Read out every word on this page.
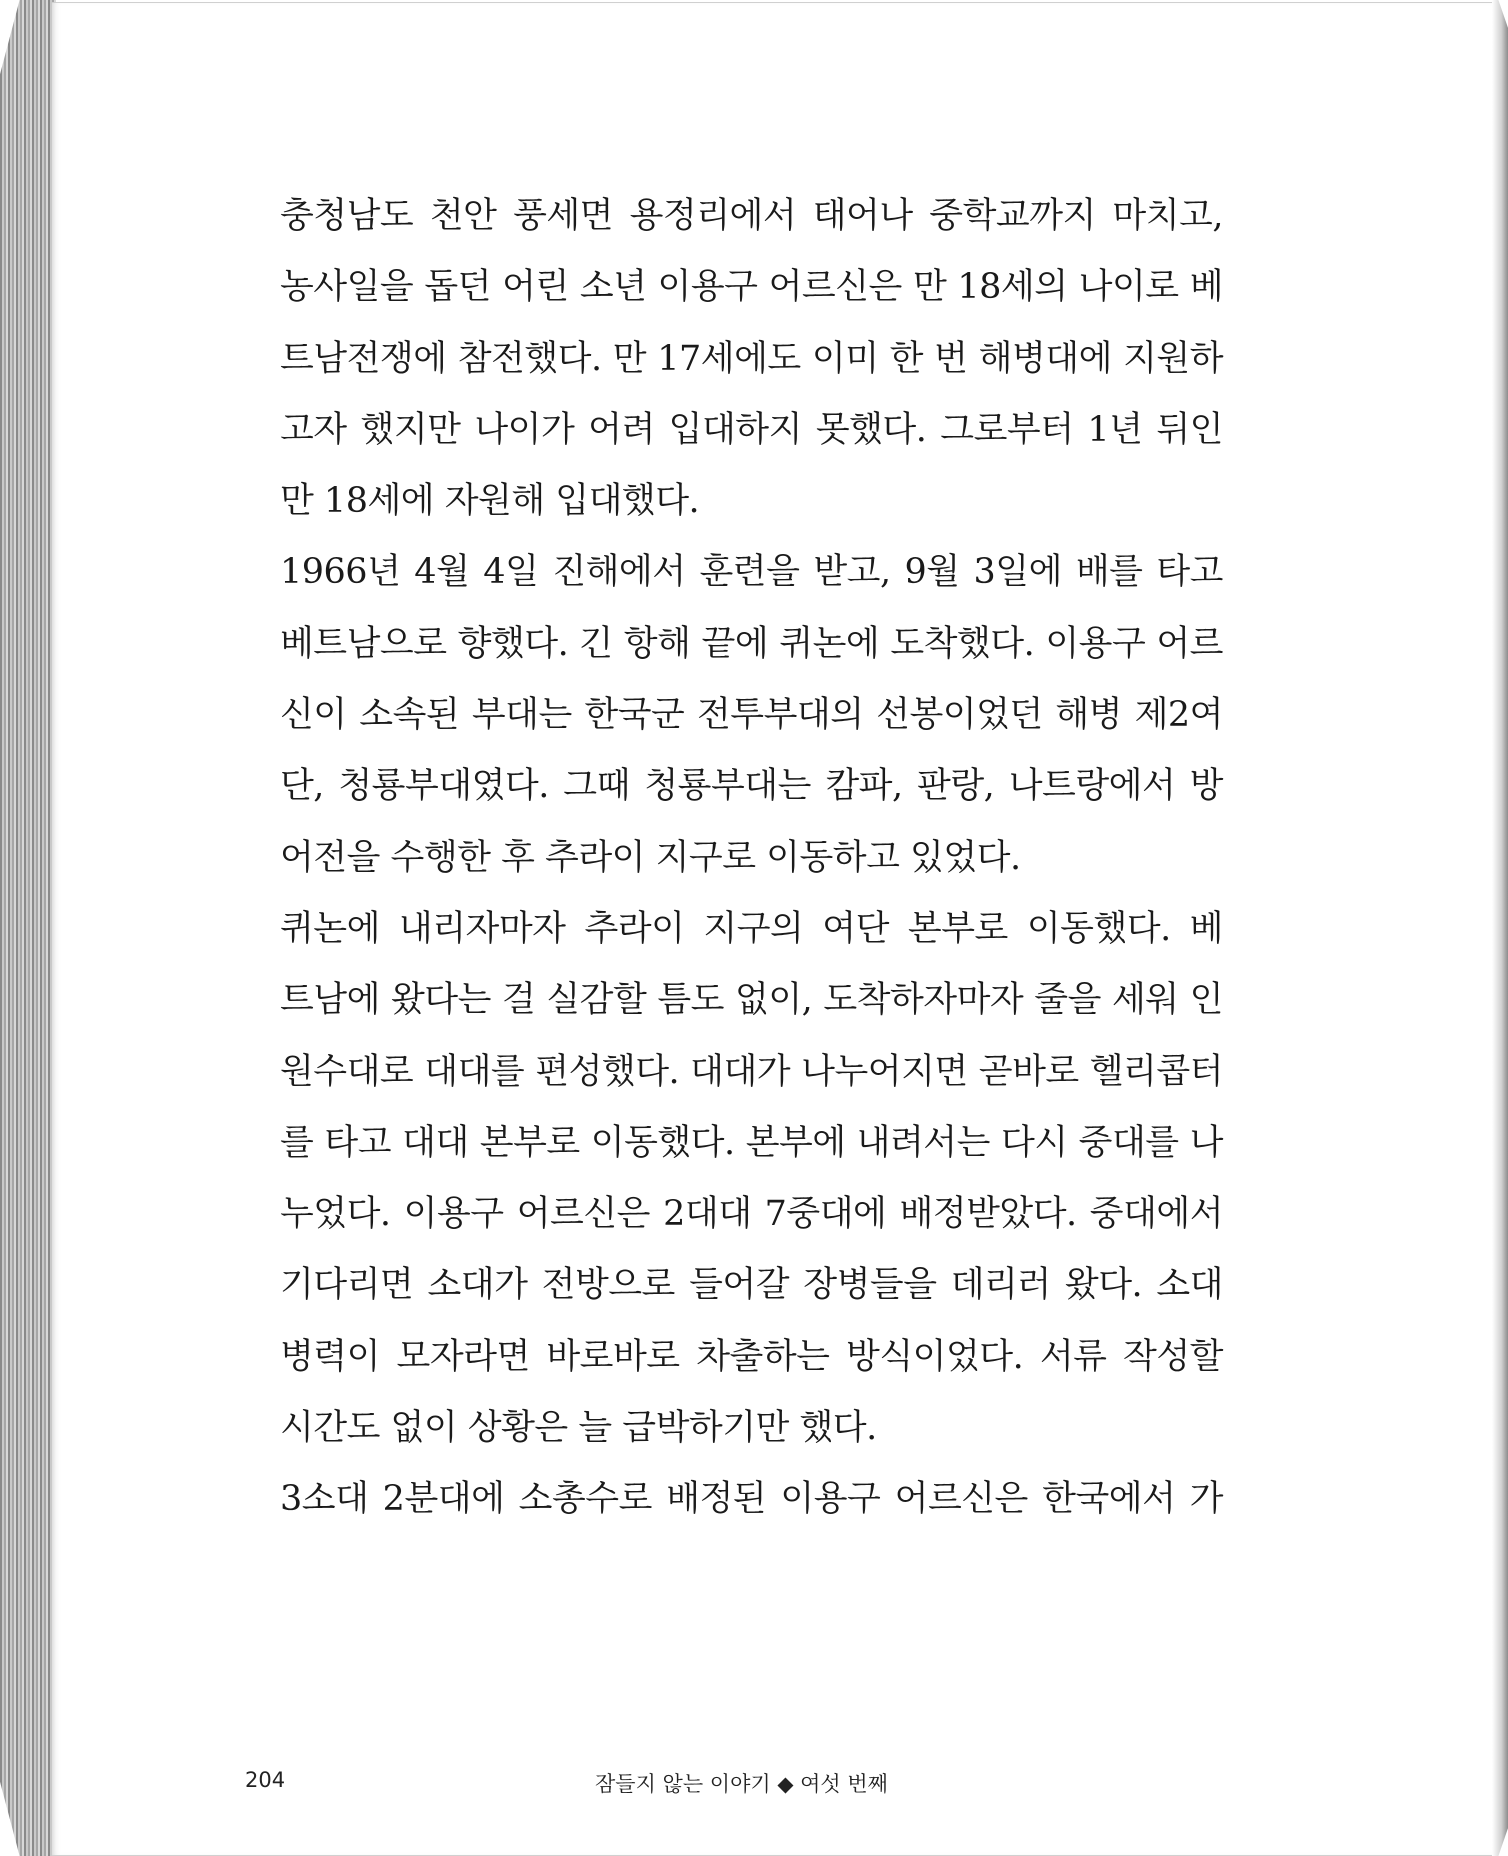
충청남도 천안 풍세면 용정리에서 태어나 중학교까지 마치고,
농사일을 돕던 어린 소년 이용구 어르신은 만 18세의 나이로 베
트남전쟁에 참전했다. 만 17세에도 이미 한 번 해병대에 지원하
고자 했지만 나이가 어려 입대하지 못했다. 그로부터 1년 뒤인
만 18세에 자원해 입대했다.

1966년 4월 4일 진해에서 훈련을 받고, 9월 3일에 배를 타고
베트남으로 향했다. 긴 항해 끝에 퀴논에 도착했다. 이용구 어르
신이 소속된 부대는 한국군 전투부대의 선봉이었던 해병 제2여
단, 청룡부대였다. 그때 청룡부대는 캄파, 판랑, 나트랑에서 방
어전을 수행한 후 추라이 지구로 이동하고 있었다.

퀴논에 내리자마자 추라이 지구의 여단 본부로 이동했다. 베
트남에 왔다는 걸 실감할 틈도 없이, 도착하자마자 줄을 세워 인
원수대로 대대를 편성했다. 대대가 나누어지면 곧바로 헬리콥터
를 타고 대대 본부로 이동했다. 본부에 내려서는 다시 중대를 나
누었다. 이용구 어르신은 2대대 7중대에 배정받았다. 중대에서
기다리면 소대가 전방으로 들어갈 장병들을 데리러 왔다. 소대
병력이 모자라면 바로바로 차출하는 방식이었다. 서류 작성할
시간도 없이 상황은 늘 급박하기만 했다.

3소대 2분대에 소총수로 배정된 이용구 어르신은 한국에서 가

204	잠들지 않는 이야기 ◆ 여섯 번째
